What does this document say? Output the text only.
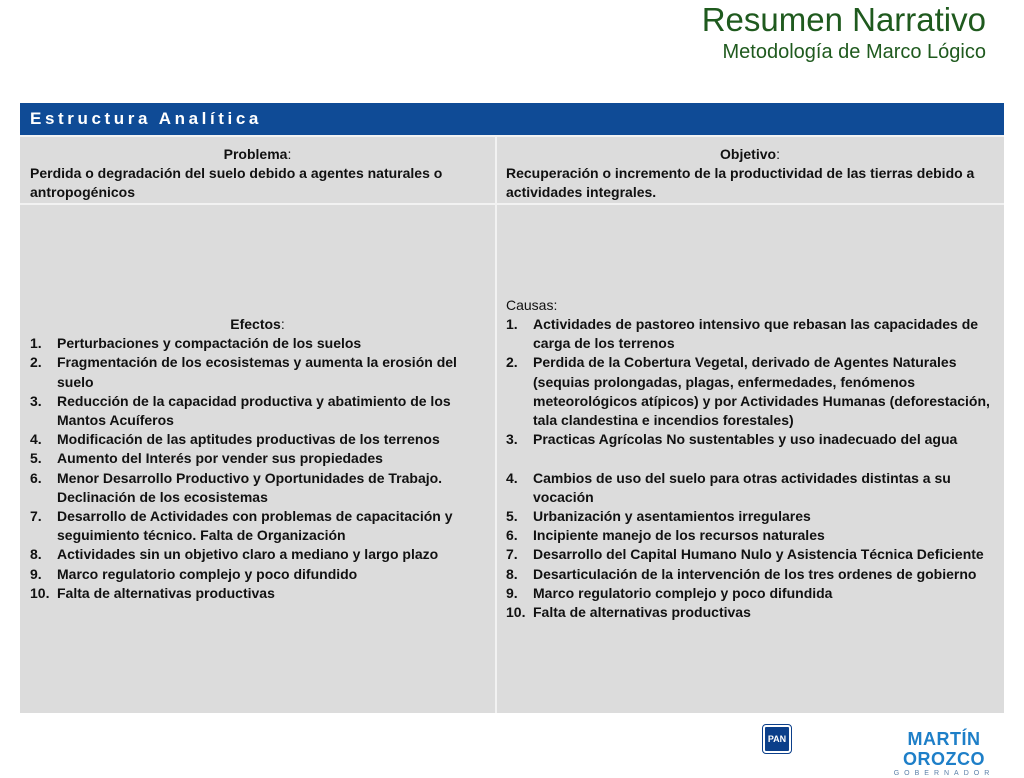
Resumen Narrativo
Metodología de Marco Lógico
Estructura Analítica
Problema:
Perdida o degradación del suelo debido a agentes naturales o antropogénicos
Objetivo:
Recuperación o incremento de la productividad de las tierras debido a actividades integrales.
Efectos:
1.	Perturbaciones y compactación de los suelos
2.	Fragmentación de los ecosistemas y aumenta la erosión del suelo
3.	Reducción de la capacidad productiva y abatimiento de los Mantos Acuíferos
4.	Modificación de las aptitudes productivas de los terrenos
5.	Aumento del Interés por vender sus propiedades
6.	Menor Desarrollo Productivo y Oportunidades de Trabajo. Declinación de los ecosistemas
7.	Desarrollo de Actividades con problemas de capacitación y seguimiento técnico. Falta de Organización
8.	Actividades sin un objetivo claro a mediano y largo plazo
9.	Marco regulatorio complejo y poco difundido
10. Falta de alternativas productivas
Causas:
1.	Actividades de pastoreo intensivo que rebasan las capacidades de carga de los terrenos
2.	Perdida de la Cobertura Vegetal, derivado de Agentes Naturales (sequias prolongadas, plagas, enfermedades, fenómenos meteorológicos atípicos) y por Actividades Humanas (deforestación, tala clandestina e incendios forestales)
3.	Practicas Agrícolas No sustentables y uso inadecuado del agua
4.	Cambios de uso del suelo para otras actividades distintas a su vocación
5.	Urbanización y asentamientos irregulares
6.	Incipiente manejo de los recursos naturales
7.	Desarrollo del Capital Humano Nulo y Asistencia Técnica Deficiente
8.	Desarticulación de la intervención de los tres ordenes de gobierno
9.	Marco regulatorio complejo y poco difundida
10. Falta de alternativas productivas
PAN	MARTÍN OROZCO
GOBERNADOR
